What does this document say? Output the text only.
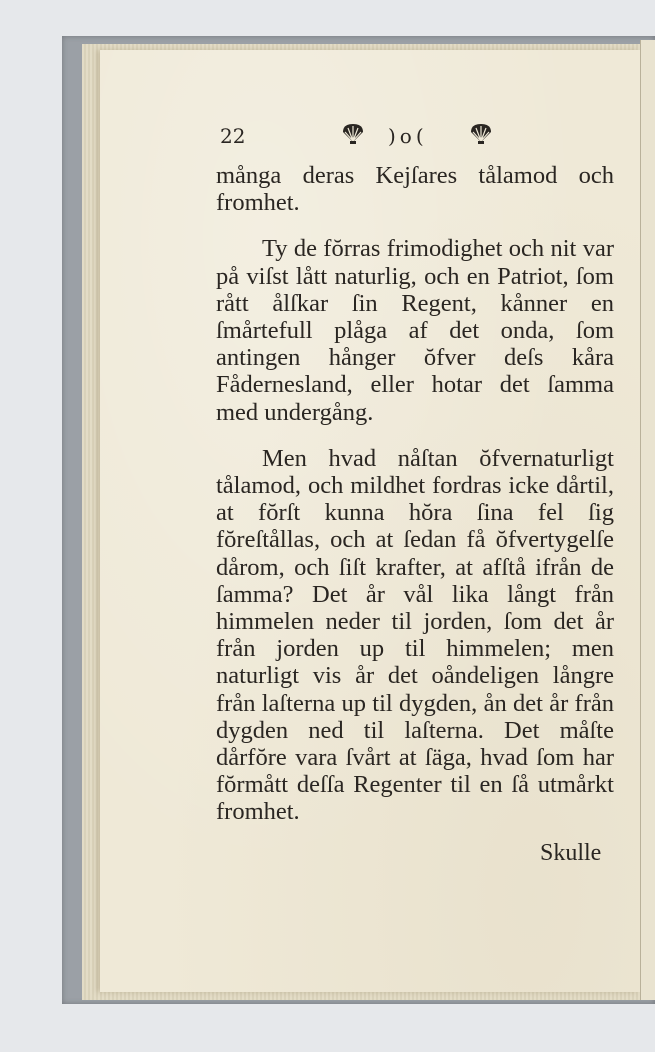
22	)o(

många deras Kejſares tålamod och fromhet.

Ty de fŏrras frimodighet och nit var på viſst lått naturlig, och en Patriot, ſom rått ålſkar ſin Regent, kånner en ſmårtefull plåga af det onda, ſom antingen hånger ŏfver deſs kåra Fådernesland, eller hotar det ſamma med undergång.

Men hvad nåſtan ŏfvernaturligt tålamod, och mildhet fordras icke dårtil, at fŏrſt kunna hŏra ſina fel ſig fŏreſtållas, och at ſedan få ŏfvertygelſe dårom, och ſiſt krafter, at afſtå ifrån de ſamma? Det år vål lika långt från himmelen neder til jorden, ſom det år från jorden up til himmelen; men naturligt vis år det oåndeligen långre från laſterna up til dygden, ån det år från dygden ned til laſterna. Det måſte dårfŏre vara ſvårt at ſäga, hvad ſom har fŏrmått deſſa Regenter til en ſå utmårkt fromhet.

Skulle
